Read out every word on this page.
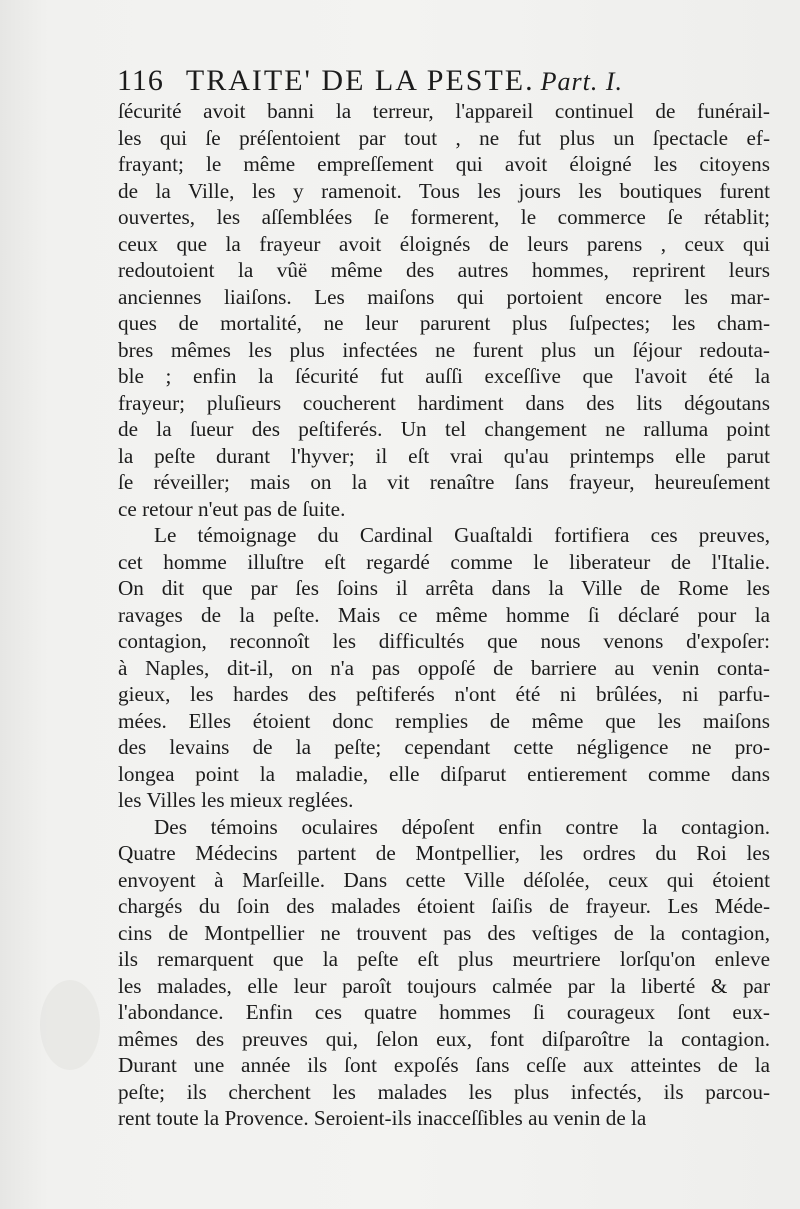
116 TRAITE' DE LA PESTE. Part. I.
ſécurité avoit banni la terreur, l'appareil continuel de funérail-
les qui ſe préſentoient par tout , ne fut plus un ſpectacle ef-
frayant; le même empreſſement qui avoit éloigné les citoyens
de la Ville, les y ramenoit. Tous les jours les boutiques furent
ouvertes, les aſſemblées ſe formerent, le commerce ſe rétablit;
ceux que la frayeur avoit éloignés de leurs parens , ceux qui
redoutoient la vûë même des autres hommes, reprirent leurs
anciennes liaiſons. Les maiſons qui portoient encore les mar-
ques de mortalité, ne leur parurent plus ſuſpectes; les cham-
bres mêmes les plus infectées ne furent plus un ſéjour redouta-
ble ; enfin la ſécurité fut auſſi exceſſive que l'avoit été la
frayeur; pluſieurs coucherent hardiment dans des lits dégoutans
de la ſueur des peſtiferés. Un tel changement ne ralluma point
la peſte durant l'hyver; il eſt vrai qu'au printemps elle parut
ſe réveiller; mais on la vit renaître ſans frayeur, heureuſement
ce retour n'eut pas de ſuite.
Le témoignage du Cardinal Guaſtaldi fortifiera ces preuves,
cet homme illuſtre eſt regardé comme le liberateur de l'Italie.
On dit que par ſes ſoins il arrêta dans la Ville de Rome les
ravages de la peſte. Mais ce même homme ſi déclaré pour la
contagion, reconnoît les difficultés que nous venons d'expoſer:
à Naples, dit-il, on n'a pas oppoſé de barriere au venin conta-
gieux, les hardes des peſtiferés n'ont été ni brûlées, ni parfu-
mées. Elles étoient donc remplies de même que les maiſons
des levains de la peſte; cependant cette négligence ne pro-
longea point la maladie, elle diſparut entierement comme dans
les Villes les mieux reglées.
Des témoins oculaires dépoſent enfin contre la contagion.
Quatre Médecins partent de Montpellier, les ordres du Roi les
envoyent à Marſeille. Dans cette Ville déſolée, ceux qui étoient
chargés du ſoin des malades étoient ſaiſis de frayeur. Les Méde-
cins de Montpellier ne trouvent pas des veſtiges de la contagion,
ils remarquent que la peſte eſt plus meurtriere lorſqu'on enleve
les malades, elle leur paroît toujours calmée par la liberté & par
l'abondance. Enfin ces quatre hommes ſi courageux ſont eux-
mêmes des preuves qui, ſelon eux, font diſparoître la contagion.
Durant une année ils ſont expoſés ſans ceſſe aux atteintes de la
peſte; ils cherchent les malades les plus infectés, ils parcou-
rent toute la Provence. Seroient-ils inacceſſibles au venin de la
